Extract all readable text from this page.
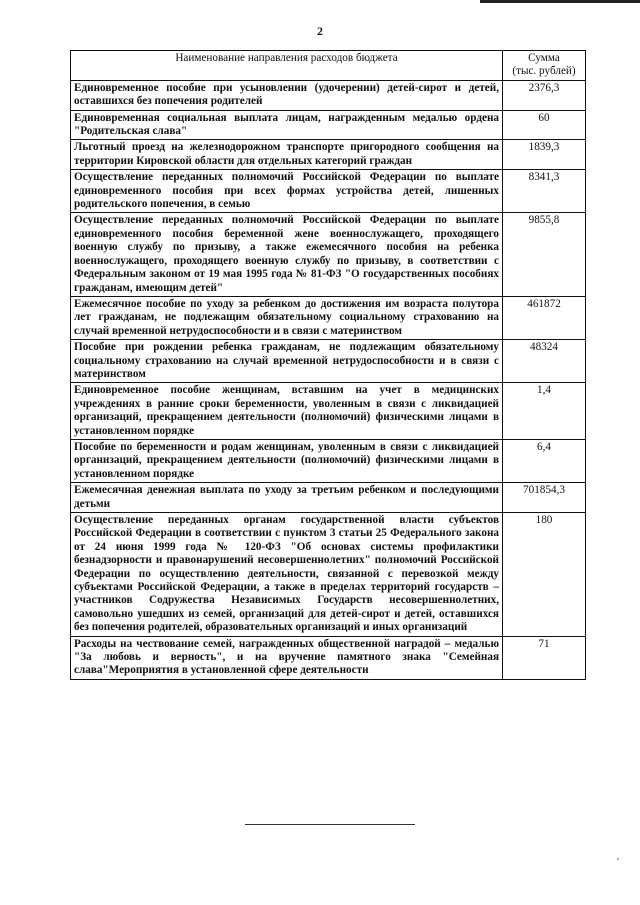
2
Наименование направления расходов бюджета	Сумма
(тыс. рублей)

Единовременное пособие при усыновлении (удочерении) детей-сирот и детей, оставшихся без попечения родителей	2376,3
Единовременная социальная выплата лицам, награжденным медалью ордена "Родительская слава"	60
Льготный проезд на железнодорожном транспорте пригородного сообщения на территории Кировской области для отдельных категорий граждан	1839,3
Осуществление переданных полномочий Российской Федерации по выплате единовременного пособия при всех формах устройства детей, лишенных родительского попечения, в семью	8341,3
Осуществление переданных полномочий Российской Федерации по выплате единовременного пособия беременной жене военнослужащего, проходящего военную службу по призыву, а также ежемесячного пособия на ребенка военнослужащего, проходящего военную службу по призыву, в соответствии с Федеральным законом от 19 мая 1995 года № 81-ФЗ "О государственных пособиях гражданам, имеющим детей"	9855,8
Ежемесячное пособие по уходу за ребенком до достижения им возраста полутора лет гражданам, не подлежащим обязательному социальному страхованию на случай временной нетрудоспособности и в связи с материнством	461872
Пособие при рождении ребенка гражданам, не подлежащим обязательному социальному страхованию на случай временной нетрудоспособности и в связи с материнством	48324
Единовременное пособие женщинам, вставшим на учет в медицинских учреждениях в ранние сроки беременности, уволенным в связи с ликвидацией организаций, прекращением деятельности (полномочий) физическими лицами в установленном порядке	1,4
Пособие по беременности и родам женщинам, уволенным в связи с ликвидацией организаций, прекращением деятельности (полномочий) физическими лицами в установленном порядке	6,4
Ежемесячная денежная выплата по уходу за третьим ребенком и последующими детьми	701854,3
Осуществление переданных органам государственной власти субъектов Российской Федерации в соответствии с пунктом 3 статьи 25 Федерального закона от 24 июня 1999 года № 120-ФЗ "Об основах системы профилактики безнадзорности и правонарушений несовершеннолетних" полномочий Российской Федерации по осуществлению деятельности, связанной с перевозкой между субъектами Российской Федерации, а также в пределах территорий государств – участников Содружества Независимых Государств несовершеннолетних, самовольно ушедших из семей, организаций для детей-сирот и детей, оставшихся без попечения родителей, образовательных организаций и иных организаций	180
Расходы на чествование семей, награжденных общественной наградой – медалью "За любовь и верность", и на вручение памятного знака "Семейная слава"Мероприятия в установленной сфере деятельности	71
